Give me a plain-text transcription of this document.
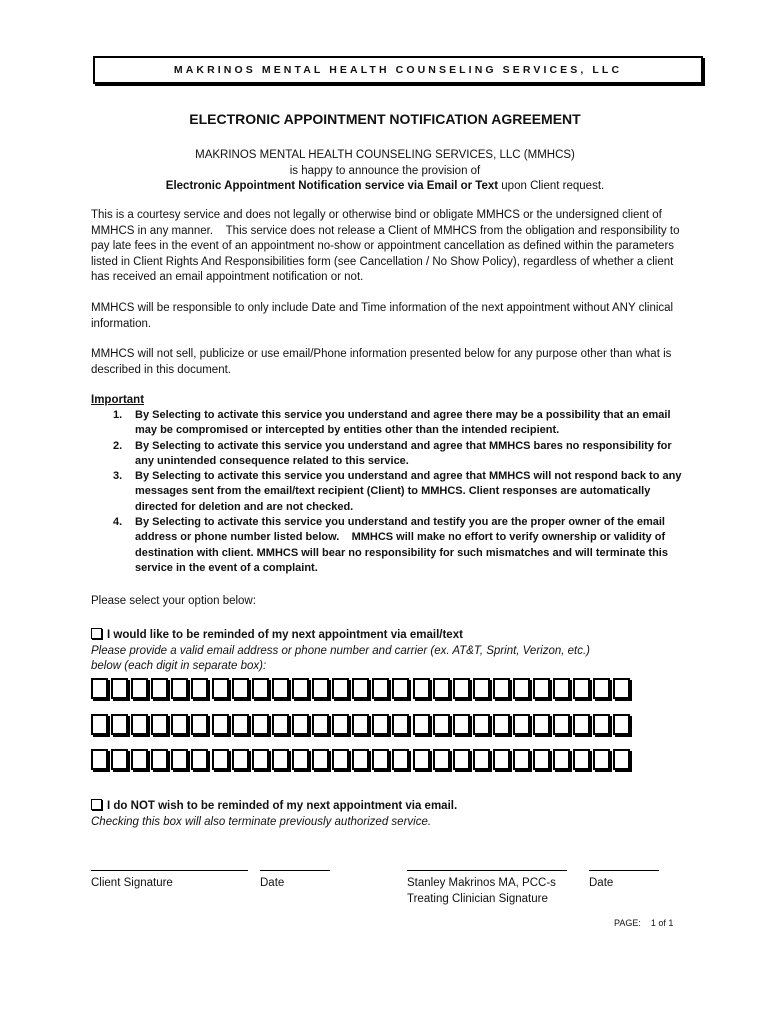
MAKRINOS MENTAL HEALTH COUNSELING SERVICES, LLC
ELECTRONIC APPOINTMENT NOTIFICATION AGREEMENT
MAKRINOS MENTAL HEALTH COUNSELING SERVICES, LLC (MMHCS)
is happy to announce the provision of
Electronic Appointment Notification service via Email or Text upon Client request.

This is a courtesy service and does not legally or otherwise bind or obligate MMHCS or the undersigned client of MMHCS in any manner.    This service does not release a Client of MMHCS from the obligation and responsibility to pay late fees in the event of an appointment no-show or appointment cancellation as defined within the parameters listed in Client Rights And Responsibilities form (see Cancellation / No Show Policy), regardless of whether a client has received an email appointment notification or not.

MMHCS will be responsible to only include Date and Time information of the next appointment without ANY clinical information.

MMHCS will not sell, publicize or use email/Phone information presented below for any purpose other than what is described in this document.

Important
1. By Selecting to activate this service you understand and agree there may be a possibility that an email may be compromised or intercepted by entities other than the intended recipient.
2. By Selecting to activate this service you understand and agree that MMHCS bares no responsibility for any unintended consequence related to this service.
3. By Selecting to activate this service you understand and agree that MMHCS will not respond back to any messages sent from the email/text recipient (Client) to MMHCS. Client responses are automatically directed for deletion and are not checked.
4. By Selecting to activate this service you understand and testify you are the proper owner of the email address or phone number listed below.    MMHCS will make no effort to verify ownership or validity of destination with client. MMHCS will bear no responsibility for such mismatches and will terminate this service in the event of a complaint.
Please select your option below:
I would like to be reminded of my next appointment via email/text
Please provide a valid email address or phone number and carrier (ex. AT&T, Sprint, Verizon, etc.)
below (each digit in separate box):
I do NOT wish to be reminded of my next appointment via email.
Checking this box will also terminate previously authorized service.
Client Signature	Date	Stanley Makrinos MA, PCC-s
Treating Clinician Signature
Date
PAGE: 1 of 1
